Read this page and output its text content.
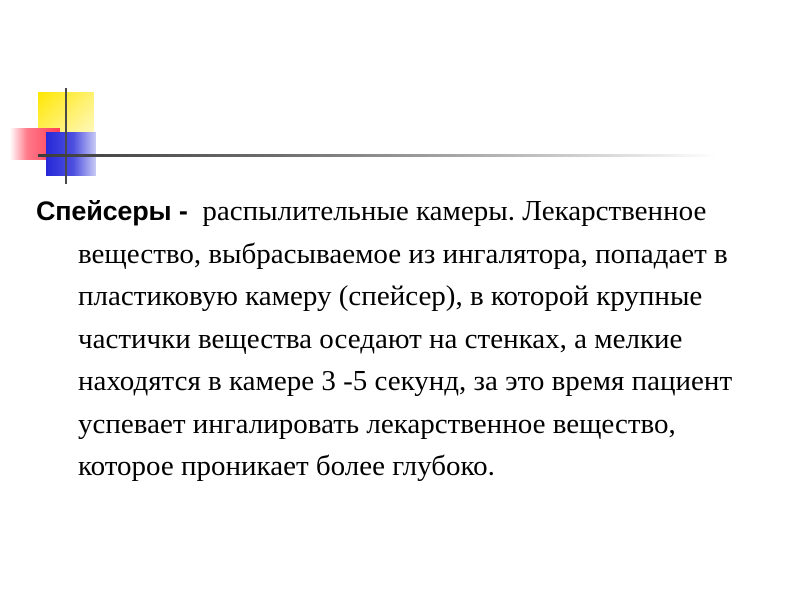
Спейсеры - распылительные камеры. Лекарственное вещество, выбрасываемое из ингалятора, попадает в пластиковую камеру (спейсер), в которой крупные частички вещества оседают на стенках, а мелкие находятся в камере 3 -5 секунд, за это время пациент успевает ингалировать лекарственное вещество, которое проникает более глубоко.
